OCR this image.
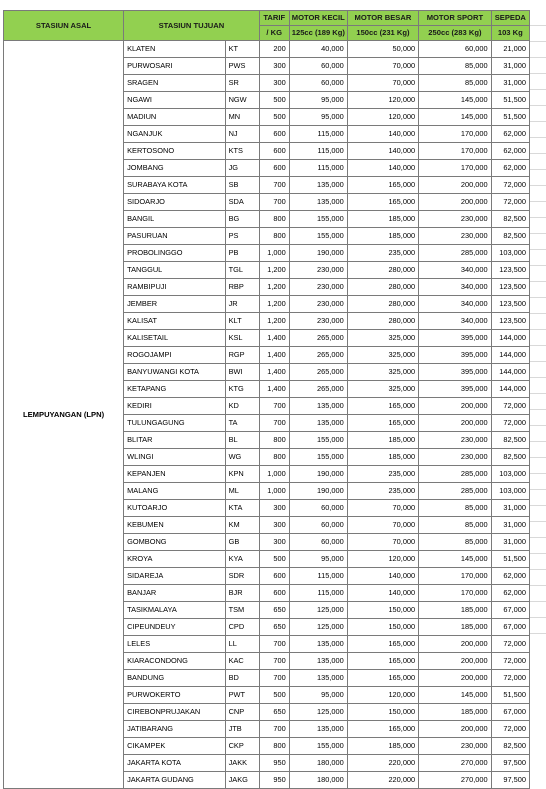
STASIUN ASAL	STASIUN TUJUAN		TARIF	MOTOR KECIL	MOTOR BESAR	MOTOR SPORT	SEPEDA
			/ KG	125cc (189 Kg)	150cc (231 Kg)	250cc (283 Kg)	103 Kg
LEMPUYANGAN (LPN)	KLATEN	KT	200	40,000	50,000	60,000	21,000
	PURWOSARI	PWS	300	60,000	70,000	85,000	31,000
	SRAGEN	SR	300	60,000	70,000	85,000	31,000
	NGAWI	NGW	500	95,000	120,000	145,000	51,500
	MADIUN	MN	500	95,000	120,000	145,000	51,500
	NGANJUK	NJ	600	115,000	140,000	170,000	62,000
	KERTOSONO	KTS	600	115,000	140,000	170,000	62,000
	JOMBANG	JG	600	115,000	140,000	170,000	62,000
	SURABAYA KOTA	SB	700	135,000	165,000	200,000	72,000
	SIDOARJO	SDA	700	135,000	165,000	200,000	72,000
	BANGIL	BG	800	155,000	185,000	230,000	82,500
	PASURUAN	PS	800	155,000	185,000	230,000	82,500
	PROBOLINGGO	PB	1,000	190,000	235,000	285,000	103,000
	TANGGUL	TGL	1,200	230,000	280,000	340,000	123,500
	RAMBIPUJI	RBP	1,200	230,000	280,000	340,000	123,500
	JEMBER	JR	1,200	230,000	280,000	340,000	123,500
	KALISAT	KLT	1,200	230,000	280,000	340,000	123,500
	KALISETAIL	KSL	1,400	265,000	325,000	395,000	144,000
	ROGOJAMPI	RGP	1,400	265,000	325,000	395,000	144,000
	BANYUWANGI KOTA	BWI	1,400	265,000	325,000	395,000	144,000
	KETAPANG	KTG	1,400	265,000	325,000	395,000	144,000
	KEDIRI	KD	700	135,000	165,000	200,000	72,000
	TULUNGAGUNG	TA	700	135,000	165,000	200,000	72,000
	BLITAR	BL	800	155,000	185,000	230,000	82,500
	WLINGI	WG	800	155,000	185,000	230,000	82,500
	KEPANJEN	KPN	1,000	190,000	235,000	285,000	103,000
	MALANG	ML	1,000	190,000	235,000	285,000	103,000
	KUTOARJO	KTA	300	60,000	70,000	85,000	31,000
	KEBUMEN	KM	300	60,000	70,000	85,000	31,000
	GOMBONG	GB	300	60,000	70,000	85,000	31,000
	KROYA	KYA	500	95,000	120,000	145,000	51,500
	SIDAREJA	SDR	600	115,000	140,000	170,000	62,000
	BANJAR	BJR	600	115,000	140,000	170,000	62,000
	TASIKMALAYA	TSM	650	125,000	150,000	185,000	67,000
	CIPEUNDEUY	CPD	650	125,000	150,000	185,000	67,000
	LELES	LL	700	135,000	165,000	200,000	72,000
	KIARACONDONG	KAC	700	135,000	165,000	200,000	72,000
	BANDUNG	BD	700	135,000	165,000	200,000	72,000
	PURWOKERTO	PWT	500	95,000	120,000	145,000	51,500
	CIREBONPRUJAKAN	CNP	650	125,000	150,000	185,000	67,000
	JATIBARANG	JTB	700	135,000	165,000	200,000	72,000
	CIKAMPEK	CKP	800	155,000	185,000	230,000	82,500
	JAKARTA KOTA	JAKK	950	180,000	220,000	270,000	97,500
	JAKARTA GUDANG	JAKG	950	180,000	220,000	270,000	97,500
